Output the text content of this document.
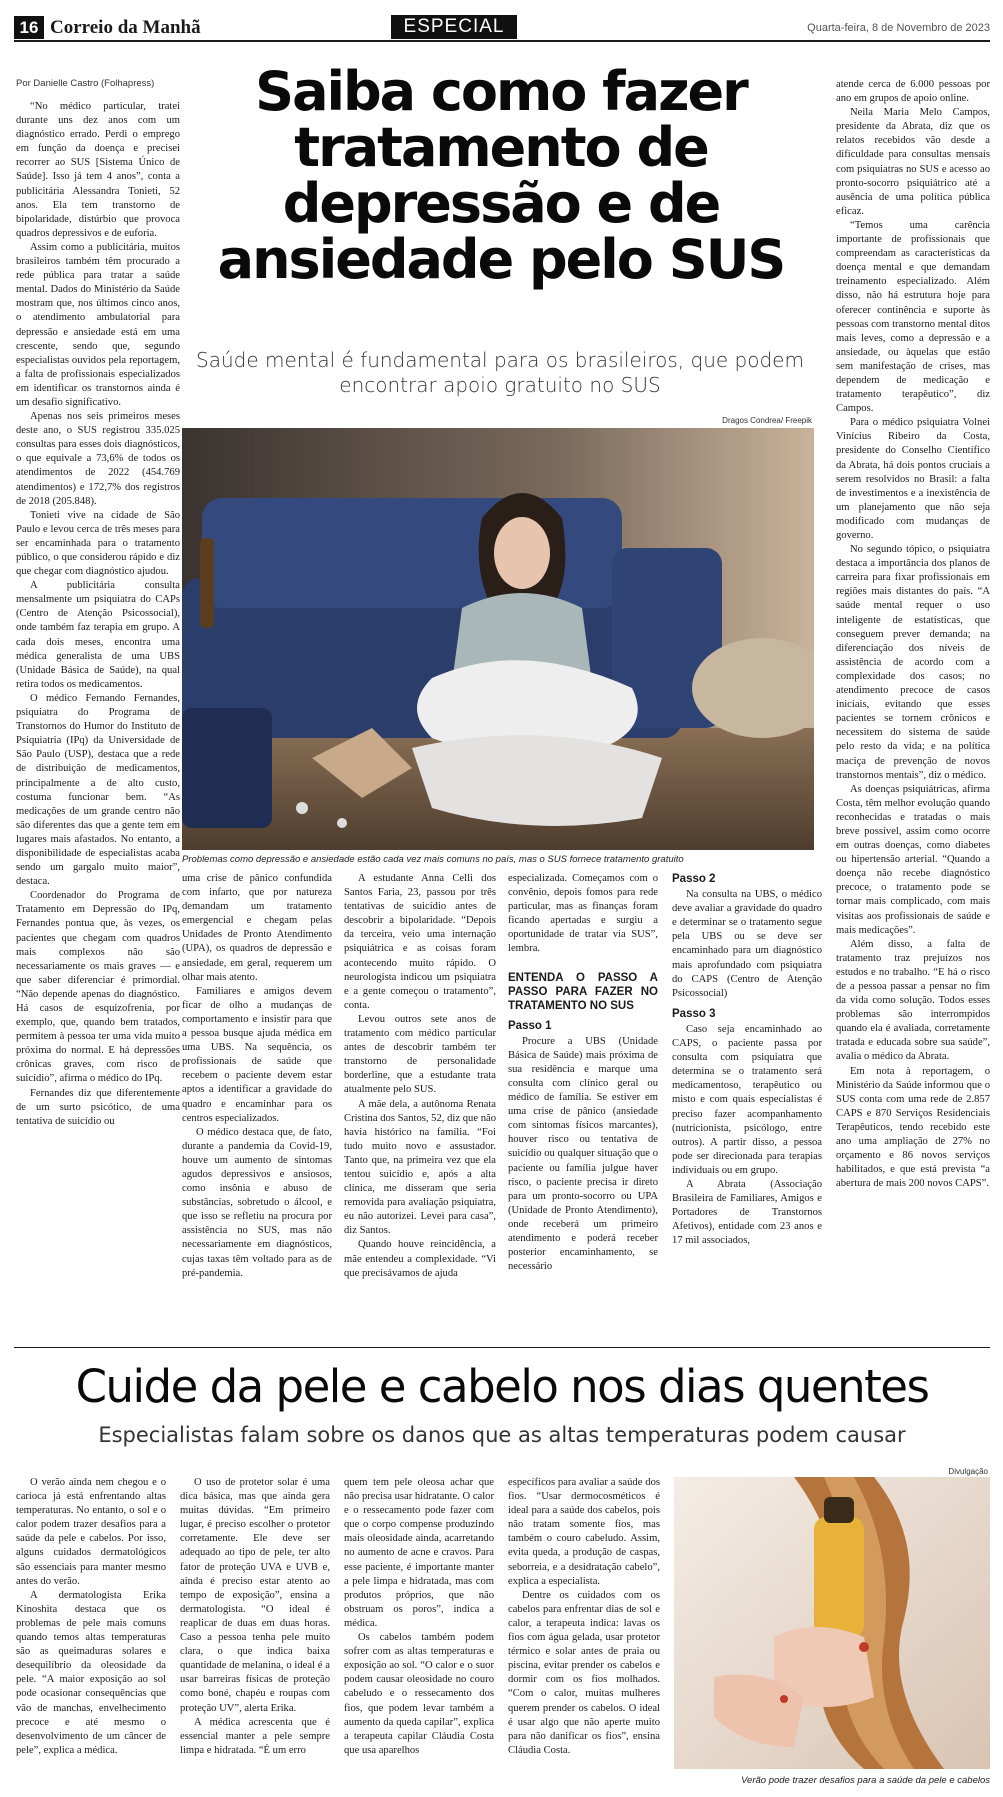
16 Correio da Manhã	ESPECIAL	Quarta-feira, 8 de Novembro de 2023
Por Danielle Castro (Folhapress)

“No médico particular, tratei durante uns dez anos com um diagnóstico errado. Perdi o emprego em função da doença e precisei recorrer ao SUS [Sistema Único de Saúde]. Isso já tem 4 anos”, conta a publicitária Alessandra Tonieti, 52 anos. Ela tem transtorno de bipolaridade, distúrbio que provoca quadros depressivos e de euforia.

Assim como a publicitária, muitos brasileiros também têm procurado a rede pública para tratar a saúde mental. Dados do Ministério da Saúde mostram que, nos últimos cinco anos, o atendimento ambulatorial para depressão e ansiedade está em uma crescente, sendo que, segundo especialistas ouvidos pela reportagem, a falta de profissionais especializados em identificar os transtornos ainda é um desafio significativo.

Apenas nos seis primeiros meses deste ano, o SUS registrou 335.025 consultas para esses dois diagnósticos, o que equivale a 73,6% de todos os atendimentos de 2022 (454.769 atendimentos) e 172,7% dos registros de 2018 (205.848).

Tonieti vive na cidade de São Paulo e levou cerca de três meses para ser encaminhada para o tratamento público, o que considerou rápido e diz que chegar com diagnóstico ajudou.

A publicitária consulta mensalmente um psiquiatra do CAPs (Centro de Atenção Psicossocial), onde também faz terapia em grupo. A cada dois meses, encontra uma médica generalista de uma UBS (Unidade Básica de Saúde), na qual retira todos os medicamentos.

O médico Fernando Fernandes, psiquiatra do Programa de Transtornos do Humor do Instituto de Psiquiatria (IPq) da Universidade de São Paulo (USP), destaca que a rede de distribuição de medicamentos, principalmente a de alto custo, costuma funcionar bem. “As medicações de um grande centro não são diferentes das que a gente tem em lugares mais afastados. No entanto, a disponibilidade de especialistas acaba sendo um gargalo muito maior”, destaca.

Coordenador do Programa de Tratamento em Depressão do IPq, Fernandes pontua que, às vezes, os pacientes que chegam com quadros mais complexos não são necessariamente os mais graves — e que saber diferenciar é primordial. “Não depende apenas do diagnóstico. Há casos de esquizofrenia, por exemplo, que, quando bem tratados, permitem à pessoa ter uma vida muito próxima do normal. E há depressões crônicas graves, com risco de suicídio”, afirma o médico do IPq.

Fernandes diz que diferentemente de um surto psicótico, de uma tentativa de suicídio ou

Saiba como fazer tratamento de depressão e de ansiedade pelo SUS
Saúde mental é fundamental para os brasileiros, que podem encontrar apoio gratuito no SUS
Dragos Condrea/ Freepik
Problemas como depressão e ansiedade estão cada vez mais comuns no país, mas o SUS fornece tratamento gratuito

uma crise de pânico confundida com infarto, que por natureza demandam um tratamento emergencial e chegam pelas Unidades de Pronto Atendimento (UPA), os quadros de depressão e ansiedade, em geral, requerem um olhar mais atento.

Familiares e amigos devem ficar de olho a mudanças de comportamento e insistir para que a pessoa busque ajuda médica em uma UBS. Na sequência, os profissionais de saúde que recebem o paciente devem estar aptos a identificar a gravidade do quadro e encaminhar para os centros especializados.

O médico destaca que, de fato, durante a pandemia da Covid-19, houve um aumento de sintomas agudos depressivos e ansiosos, como insônia e abuso de substâncias, sobretudo o álcool, e que isso se refletiu na procura por assistência no SUS, mas não necessariamente em diagnósticos, cujas taxas têm voltado para as de pré-pandemia.

A estudante Anna Celli dos Santos Faria, 23, passou por três tentativas de suicídio antes de descobrir a bipolaridade. “Depois da terceira, veio uma internação psiquiátrica e as coisas foram acontecendo muito rápido. O neurologista indicou um psiquiatra e a gente começou o tratamento”, conta.

Levou outros sete anos de tratamento com médico particular antes de descobrir também ter transtorno de personalidade borderline, que a estudante trata atualmente pelo SUS.

A mãe dela, a autônoma Renata Cristina dos Santos, 52, diz que não havia histórico na família. “Foi tudo muito novo e assustador. Tanto que, na primeira vez que ela tentou suicídio e, após a alta clínica, me disseram que seria removida para avaliação psiquiatra, eu não autorizei. Levei para casa”, diz Santos.

Quando houve reincidência, a mãe entendeu a complexidade. “Vi que precisávamos de ajuda

especializada. Começamos com o convênio, depois fomos para rede particular, mas as finanças foram ficando apertadas e surgiu a oportunidade de tratar via SUS”, lembra.

ENTENDA O PASSO A PASSO PARA FAZER NO TRATAMENTO NO SUS
Passo 1

Procure a UBS (Unidade Básica de Saúde) mais próxima de sua residência e marque uma consulta com clínico geral ou médico de família. Se estiver em uma crise de pânico (ansiedade com sintomas físicos marcantes), houver risco ou tentativa de suicídio ou qualquer situação que o paciente ou família julgue haver risco, o paciente precisa ir direto para um pronto-socorro ou UPA (Unidade de Pronto Atendimento), onde receberá um primeiro atendimento e poderá receber posterior encaminhamento, se necessário

Passo 2

Na consulta na UBS, o médico deve avaliar a gravidade do quadro e determinar se o tratamento segue pela UBS ou se deve ser encaminhado para um diagnóstico mais aprofundado com psiquiatra do CAPS (Centro de Atenção Psicossocial)

Passo 3

Caso seja encaminhado ao CAPS, o paciente passa por consulta com psiquiatra que determina se o tratamento será medicamentoso, terapêutico ou misto e com quais especialistas é preciso fazer acompanhamento (nutricionista, psicólogo, entre outros). A partir disso, a pessoa pode ser direcionada para terapias individuais ou em grupo.

A Abrata (Associação Brasileira de Familiares, Amigos e Portadores de Transtornos Afetivos), entidade com 23 anos e 17 mil associados,

atende cerca de 6.000 pessoas por ano em grupos de apoio online.

Neila Maria Melo Campos, presidente da Abrata, diz que os relatos recebidos vão desde a dificuldade para consultas mensais com psiquiatras no SUS e acesso ao pronto-socorro psiquiátrico até a ausência de uma política pública eficaz.

“Temos uma carência importante de profissionais que compreendam as características da doença mental e que demandam treinamento especializado. Além disso, não há estrutura hoje para oferecer continência e suporte às pessoas com transtorno mental ditos mais leves, como a depressão e a ansiedade, ou àquelas que estão sem manifestação de crises, mas dependem de medicação e tratamento terapêutico”, diz Campos.

Para o médico psiquiatra Volnei Vinícius Ribeiro da Costa, presidente do Conselho Científico da Abrata, há dois pontos cruciais a serem resolvidos no Brasil: a falta de investimentos e a inexistência de um planejamento que não seja modificado com mudanças de governo.

No segundo tópico, o psiquiatra destaca a importância dos planos de carreira para fixar profissionais em regiões mais distantes do país. “A saúde mental requer o uso inteligente de estatísticas, que conseguem prever demanda; na diferenciação dos níveis de assistência de acordo com a complexidade dos casos; no atendimento precoce de casos iniciais, evitando que esses pacientes se tornem crônicos e necessitem do sistema de saúde pelo resto da vida; e na política maciça de prevenção de novos transtornos mentais”, diz o médico.

As doenças psiquiátricas, afirma Costa, têm melhor evolução quando reconhecidas e tratadas o mais breve possível, assim como ocorre em outras doenças, como diabetes ou hipertensão arterial. “Quando a doença não recebe diagnóstico precoce, o tratamento pode se tornar mais complicado, com mais visitas aos profissionais de saúde e mais medicações”.

Além disso, a falta de tratamento traz prejuízos nos estudos e no trabalho. “E há o risco de a pessoa passar a pensar no fim da vida como solução. Todos esses problemas são interrompidos quando ela é avaliada, corretamente tratada e educada sobre sua saúde”, avalia o médico da Abrata.

Em nota à reportagem, o Ministério da Saúde informou que o SUS conta com uma rede de 2.857 CAPS e 870 Serviços Residenciais Terapêuticos, tendo recebido este ano uma ampliação de 27% no orçamento e 86 novos serviços habilitados, e que está prevista “a abertura de mais 200 novos CAPS”.

Cuide da pele e cabelo nos dias quentes
Especialistas falam sobre os danos que as altas temperaturas podem causar

O verão ainda nem chegou e o carioca já está enfrentando altas temperaturas. No entanto, o sol e o calor podem trazer desafios para a saúde da pele e cabelos. Por isso, alguns cuidados dermatológicos são essenciais para manter mesmo antes do verão.

A dermatologista Erika Kinoshita destaca que os problemas de pele mais comuns quando temos altas temperaturas são as queimaduras solares e desequilíbrio da oleosidade da pele. “A maior exposição ao sol pode ocasionar consequências que vão de manchas, envelhecimento precoce e até mesmo o desenvolvimento de um câncer de pele”, explica a médica.

O uso de protetor solar é uma dica básica, mas que ainda gera muitas dúvidas. “Em primeiro lugar, é preciso escolher o protetor corretamente. Ele deve ser adequado ao tipo de pele, ter alto fator de proteção UVA e UVB e, ainda é preciso estar atento ao tempo de exposição”, ensina a dermatologista. “O ideal é reaplicar de duas em duas horas. Caso a pessoa tenha pele muito clara, o que indica baixa quantidade de melanina, o ideal é a usar barreiras físicas de proteção como boné, chapéu e roupas com proteção UV”, alerta Erika.

A médica acrescenta que é essencial manter a pele sempre limpa e hidratada. “É um erro

quem tem pele oleosa achar que não precisa usar hidratante. O calor e o ressecamento pode fazer com que o corpo compense produzindo mais oleosidade ainda, acarretando no aumento de acne e cravos. Para esse paciente, é importante manter a pele limpa e hidratada, mas com produtos próprios, que não obstruam os poros”, indica a médica.

Os cabelos também podem sofrer com as altas temperaturas e exposição ao sol. “O calor e o suor podem causar oleosidade no couro cabeludo e o ressecamento dos fios, que podem levar também a aumento da queda capilar”, explica a terapeuta capilar Cláudia Costa que usa aparelhos

específicos para avaliar a saúde dos fios. “Usar dermocosméticos é ideal para a saúde dos cabelos, pois não tratam somente fios, mas também o couro cabeludo. Assim, evita queda, a produção de caspas, seborreia, e a desidratação cabelo”, explica a especialista.

Dentre os cuidados com os cabelos para enfrentar dias de sol e calor, a terapeuta indica: lavas os fios com água gelada, usar protetor térmico e solar antes de praia ou piscina, evitar prender os cabelos e dormir com os fios molhados. “Com o calor, muitas mulheres querem prender os cabelos. O ideal é usar algo que não aperte muito para não danificar os fios”, ensina Cláudia Costa.

Divulgação
Verão pode trazer desafios para a saúde da pele e cabelos
